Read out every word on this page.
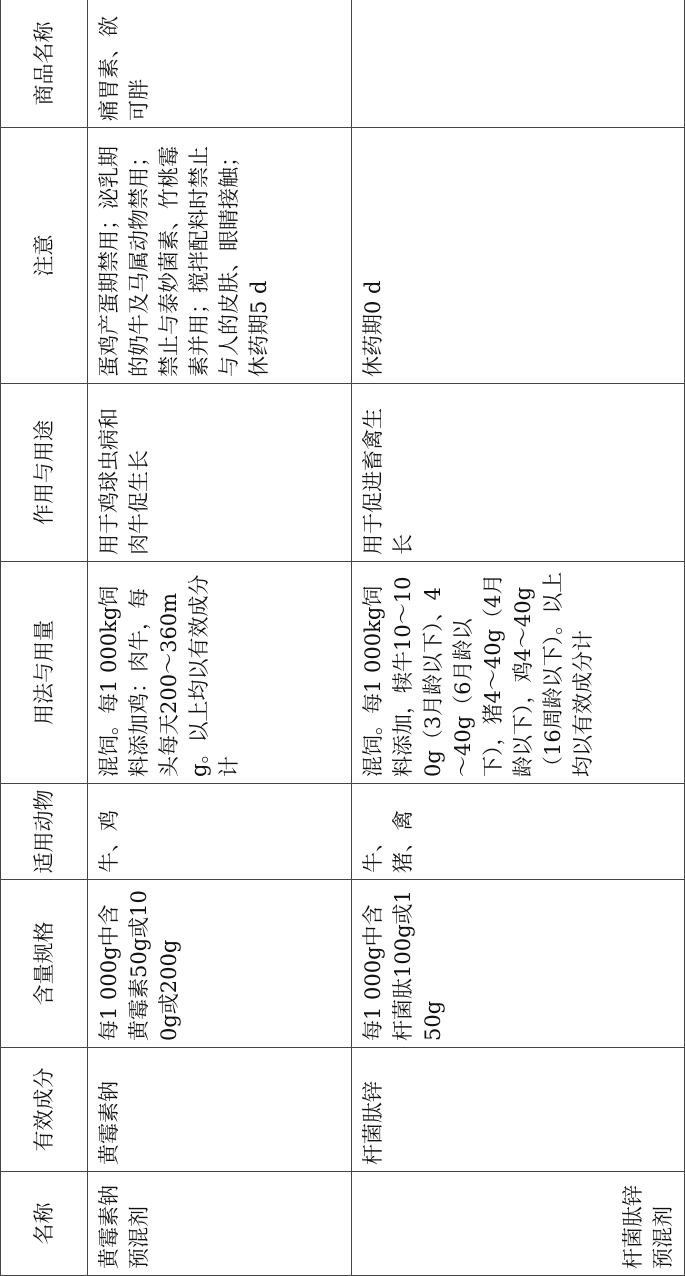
名称	有效成分	含量规格	适用动物	用法与用量	作用与用途	注意	商品名称
黄霉素钠预混剂	黄霉素钠	每1 000g中含黄霉素50g或100g或200g	牛、鸡	混饲。每1 000kg饲料添加鸡：肉牛，每头每天200～360mg。以上均以有效成分计	用于鸡球虫病和肉牛促生长	蛋鸡产蛋期禁用；泌乳期的奶牛及马属动物禁用；禁止与泰妙菌素、竹桃霉素并用；搅拌配料时禁止与人的皮肤、眼睛接触；休药期5 d	痛胃素、欲可胖
杆菌肽锌预混剂	杆菌肽锌	每1 000g中含杆菌肽100g或150g	牛、猪、禽	混饲。每1 000kg饲料添加，犊牛10～100g（3月龄以下）、4～40g（6月龄以下），猪4～40g（4月龄以下），鸡4～40g（16周龄以下）。以上均以有效成分计	用于促进畜禽生长	休药期0 d	
